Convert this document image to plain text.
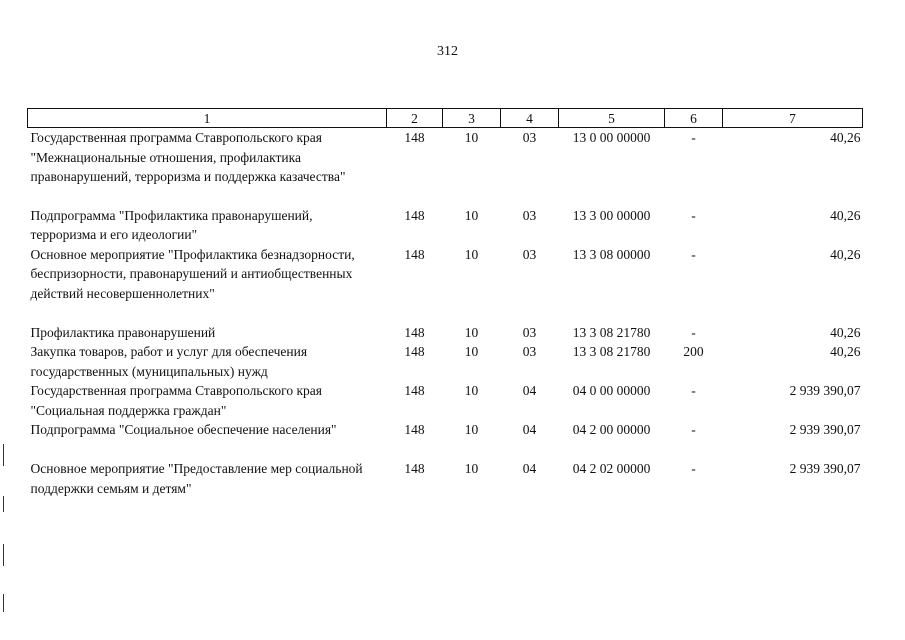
312
1	2	3	4	5	6	7
Государственная программа Ставропольского края "Межнациональные отношения, профилактика правонарушений, терроризма и поддержка казачества"	148	10	03	13 0 00 00000	-	40,26
Подпрограмма "Профилактика правонарушений, терроризма и его идеологии"	148	10	03	13 3 00 00000	-	40,26
Основное мероприятие "Профилактика безнадзорности, беспризорности, правонарушений и антиобщественных действий несовершеннолетних"	148	10	03	13 3 08 00000	-	40,26
Профилактика правонарушений	148	10	03	13 3 08 21780	-	40,26
Закупка товаров, работ и услуг для обеспечения государственных (муниципальных) нужд	148	10	03	13 3 08 21780	200	40,26
Государственная программа Ставропольского края "Социальная поддержка граждан"	148	10	04	04 0 00 00000	-	2 939 390,07
Подпрограмма "Социальное обеспечение населения"	148	10	04	04 2 00 00000	-	2 939 390,07
Основное мероприятие "Предоставление мер социальной поддержки семьям и детям"	148	10	04	04 2 02 00000	-	2 939 390,07
